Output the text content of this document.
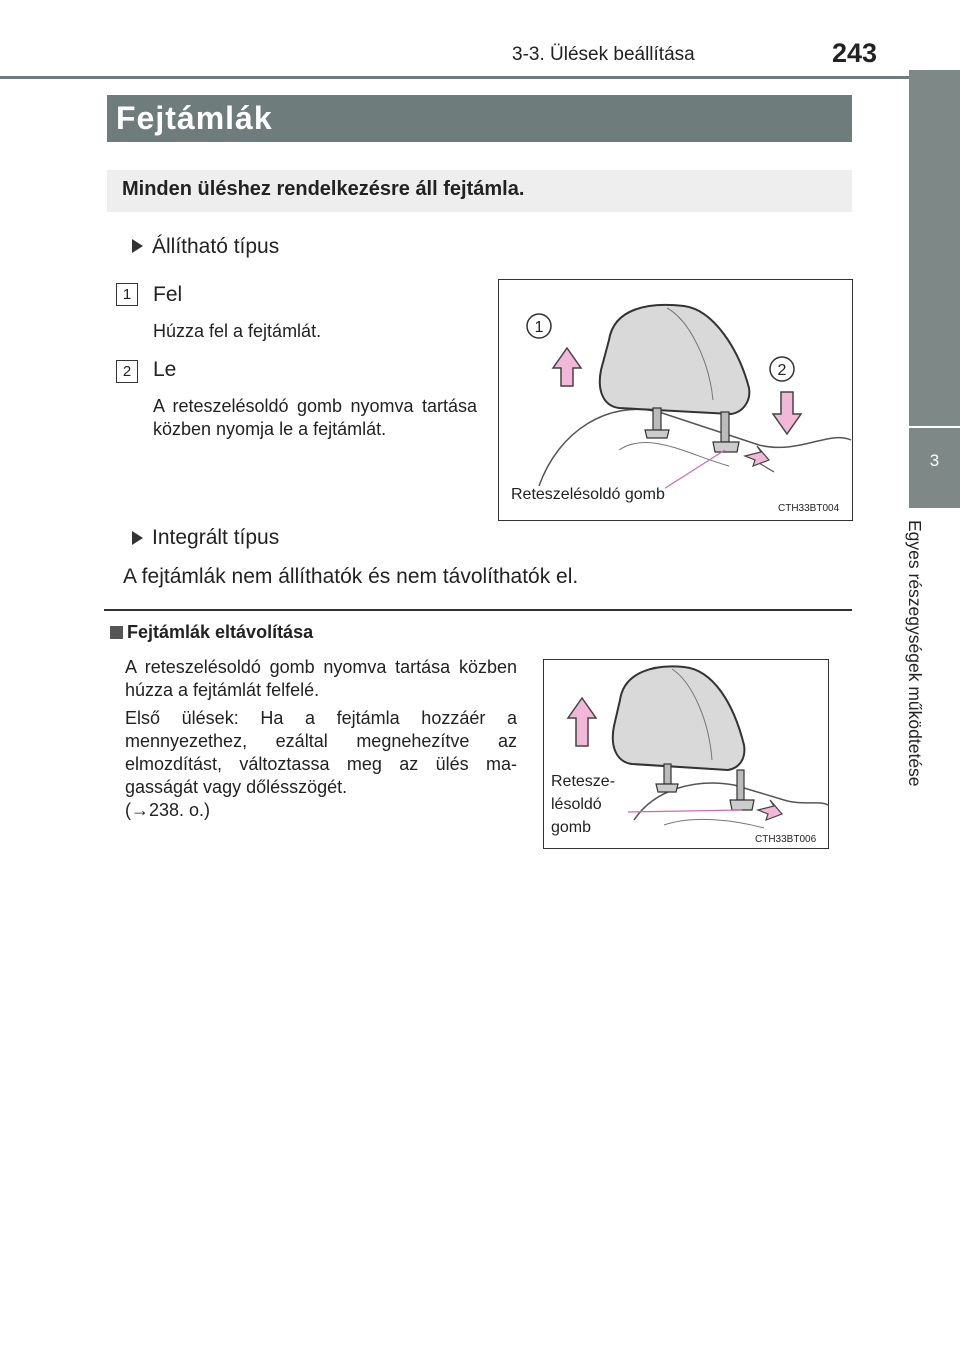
3-3. Ülések beállítása	243
3
Egyes részegységek működtetése
Fejtámlák
Minden üléshez rendelkezésre áll fejtámla.
Állítható típus
1	Fel
Húzza fel a fejtámlát.
2	Le
A reteszelésoldó gomb nyomva tartása közben nyomja le a fejtámlát.
1
2
Reteszelésoldó gomb
CTH33BT004
Integrált típus
A fejtámlák nem állíthatók és nem távolíthatók el.
Fejtámlák eltávolítása
A reteszelésoldó gomb nyomva tartása közben húzza a fejtámlát felfelé.
Első ülések: Ha a fejtámla hozzáér a mennyezethez, ezáltal megnehezítve az elmozdítást, változtassa meg az ülés magasságát vagy dőlésszögét.
(→238. o.)
Retesze-
lésoldó
gomb
CTH33BT006
